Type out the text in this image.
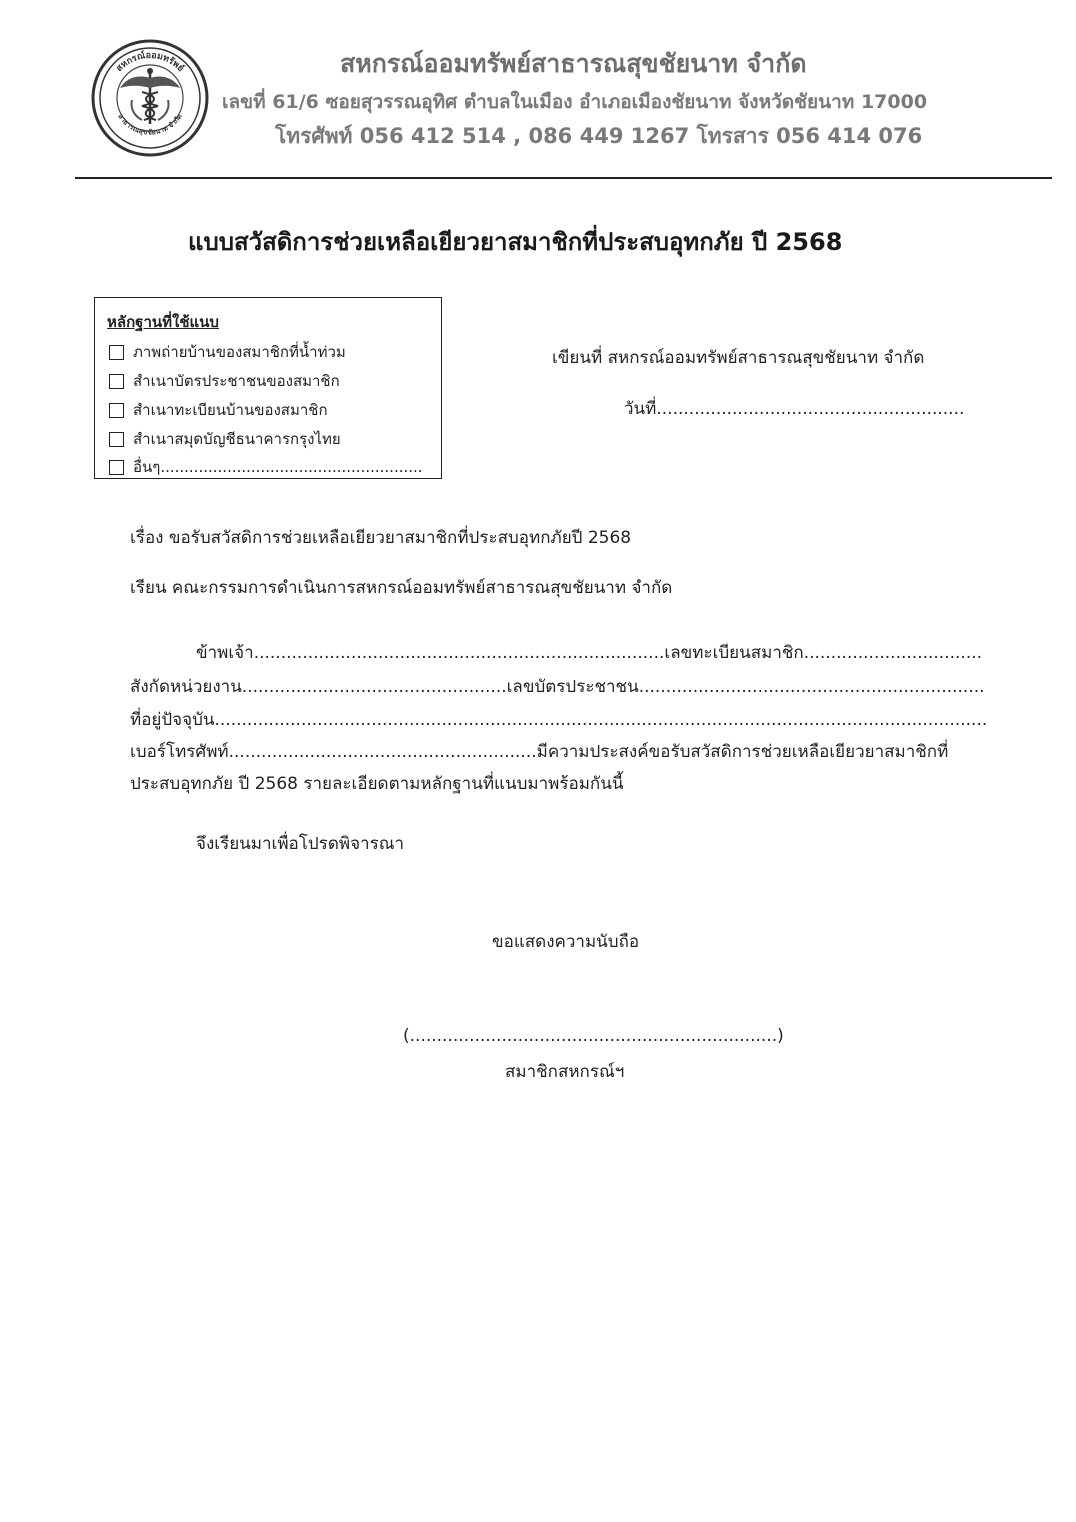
สหกรณ์ออมทรัพย์
สาธารณสุขชัยนาท จำกัด
สหกรณ์ออมทรัพย์สาธารณสุขชัยนาท จำกัด
เลขที่ 61/6 ซอยสุวรรณอุทิศ ตำบลในเมือง อำเภอเมืองชัยนาท จังหวัดชัยนาท 17000
โทรศัพท์ 056 412 514 , 086 449 1267 โทรสาร 056 414 076
แบบสวัสดิการช่วยเหลือเยียวยาสมาชิกที่ประสบอุทกภัย ปี 2568
หลักฐานที่ใช้แนบ
ภาพถ่ายบ้านของสมาชิกที่น้ำท่วม
สำเนาบัตรประชาชนของสมาชิก
สำเนาทะเบียนบ้านของสมาชิก
สำเนาสมุดบัญชีธนาคารกรุงไทย
อื่นๆ.......................................................
เขียนที่ สหกรณ์ออมทรัพย์สาธารณสุขชัยนาท จำกัด
วันที่.........................................................
เรื่อง ขอรับสวัสดิการช่วยเหลือเยียวยาสมาชิกที่ประสบอุทกภัยปี 2568
เรียน คณะกรรมการดำเนินการสหกรณ์ออมทรัพย์สาธารณสุขชัยนาท จำกัด
ข้าพเจ้า............................................................................เลขทะเบียนสมาชิก.................................
สังกัดหน่วยงาน.................................................เลขบัตรประชาชน................................................................
ที่อยู่ปัจจุบัน...............................................................................................................................................
เบอร์โทรศัพท์.........................................................มีความประสงค์ขอรับสวัสดิการช่วยเหลือเยียวยาสมาชิกที่
ประสบอุทกภัย ปี 2568 รายละเอียดตามหลักฐานที่แนบมาพร้อมกันนี้
จึงเรียนมาเพื่อโปรดพิจารณา
ขอแสดงความนับถือ
(....................................................................)
สมาชิกสหกรณ์ฯ
